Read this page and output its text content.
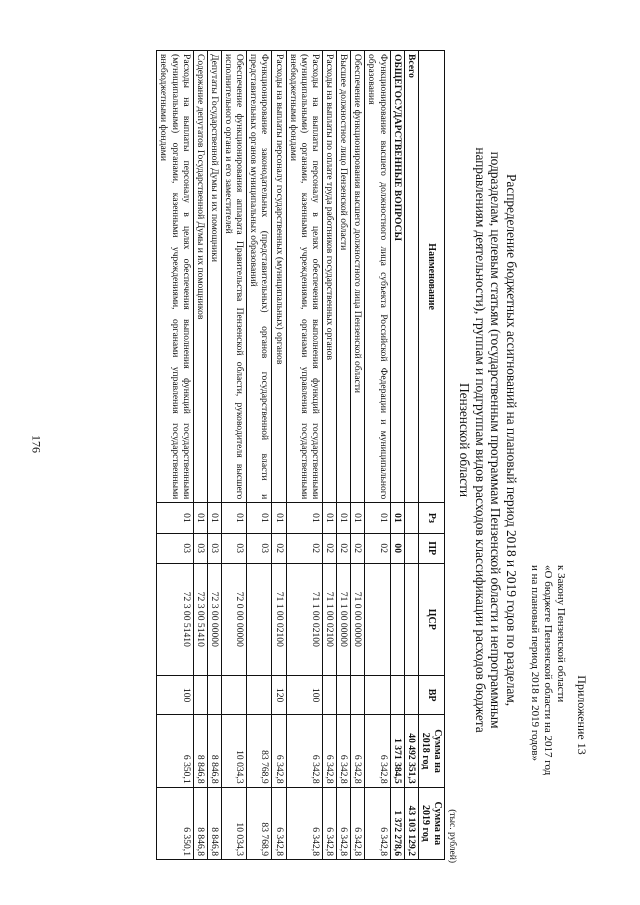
176
Приложение 13
к Закону Пензенской области
«О бюджете Пензенской области на 2017 год
и на плановый период 2018 и 2019 годов»
Распределение бюджетных ассигнований на плановый период 2018 и 2019 годов по разделам, подразделам, целевым статьям (государственным программам Пензенской области и непрограммным направлениям деятельности), группам и подгруппам видов расходов классификации расходов бюджета Пензенской области
(тыс. рублей)
Наименование	Рз	ПР	ЦСР	ВР	Сумма на 2018 год	Сумма на 2019 год
Всего					40 492 351,3	43 103 129,2
ОБЩЕГОСУДАРСТВЕННЫЕ ВОПРОСЫ	01	00			1 371 384,5	1 372 278,6
Функционирование высшего должностного лица субъекта Российской Федерации и муниципального образования	01	02			6 342,8	6 342,8
Обеспечение функционирования высшего должностного лица Пензенской области	01	02	71 0 00 00000		6 342,8	6 342,8
Высшее должностное лицо Пензенской области	01	02	71 1 00 00000		6 342,8	6 342,8
Расходы на выплаты по оплате труда работников государственных органов	01	02	71 1 00 02100		6 342,8	6 342,8
Расходы на выплаты персоналу в целях обеспечения выполнения функций государственными (муниципальными) органами, казенными учреждениями, органами управления государственными внебюджетными фондами	01	02	71 1 00 02100	100	6 342,8	6 342,8
Расходы на выплаты персоналу государственных (муниципальных) органов	01	02	71 1 00 02100	120	6 342,8	6 342,8
Функционирование законодательных (представительных) органов государственной власти и представительных органов муниципальных образований	01	03			83 768,9	83 768,9
Обеспечение функционирования аппарата Правительства Пензенской области, руководителя высшего исполнительного органа и его заместителей	01	03	72 0 00 00000		10 034,3	10 034,3
Депутаты Государственной Думы и их помощники	01	03	72 3 00 00000		8 846,8	8 846,8
Содержание депутатов Государственной Думы и их помощников	01	03	72 3 00 51410		8 846,8	8 846,8
Расходы на выплаты персоналу в целях обеспечения выполнения функций государственными (муниципальными) органами, казенными учреждениями, органами управления государственными внебюджетными фондами	01	03	72 3 00 51410	100	6 350,1	6 350,1
